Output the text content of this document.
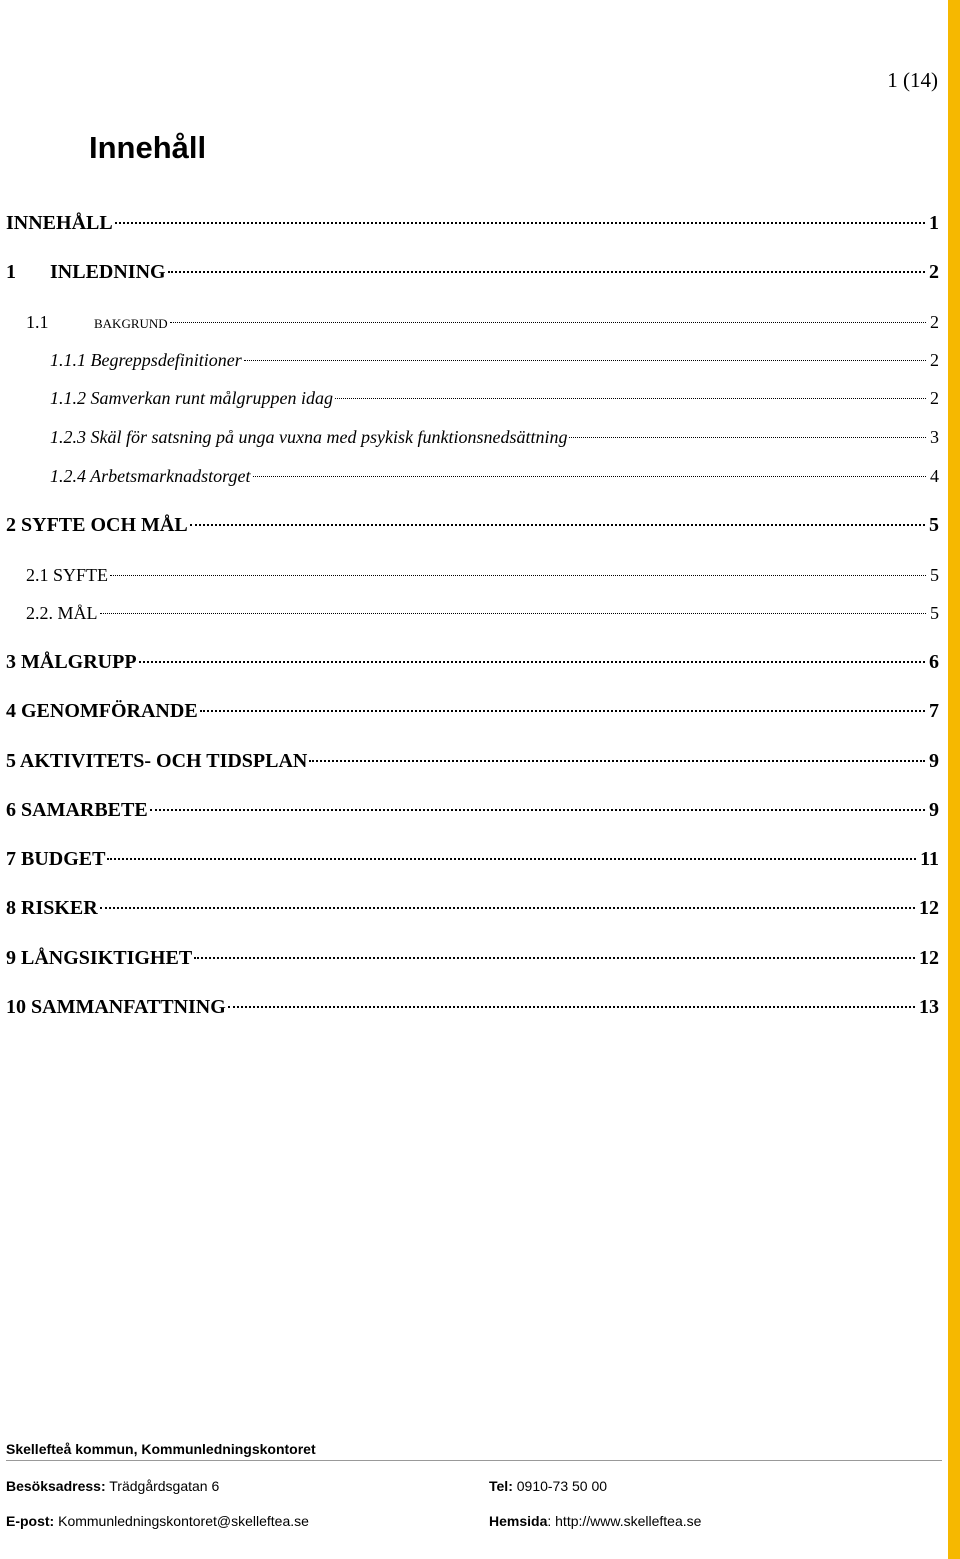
1 (14)
Innehåll
INNEHÅLL	1
1	INLEDNING	2
1.1	bakgrund	2
1.1.1 Begreppsdefinitioner	2
1.1.2 Samverkan runt målgruppen idag	2
1.2.3 Skäl för satsning på unga vuxna med psykisk funktionsnedsättning	3
1.2.4 Arbetsmarknadstorget	4
2 SYFTE OCH MÅL	5
2.1 SYFTE	5
2.2. MÅL	5
3 MÅLGRUPP	6
4 GENOMFÖRANDE	7
5 AKTIVITETS- OCH TIDSPLAN	9
6 SAMARBETE	9
7 BUDGET	11
8 RISKER	12
9 LÅNGSIKTIGHET	12
10 SAMMANFATTNING	13
Skellefteå kommun, Kommunledningskontoret
Besöksadress: Trädgårdsgatan 6	Tel: 0910-73 50 00
E-post: Kommunledningskontoret@skelleftea.se	Hemsida: http://www.skelleftea.se
